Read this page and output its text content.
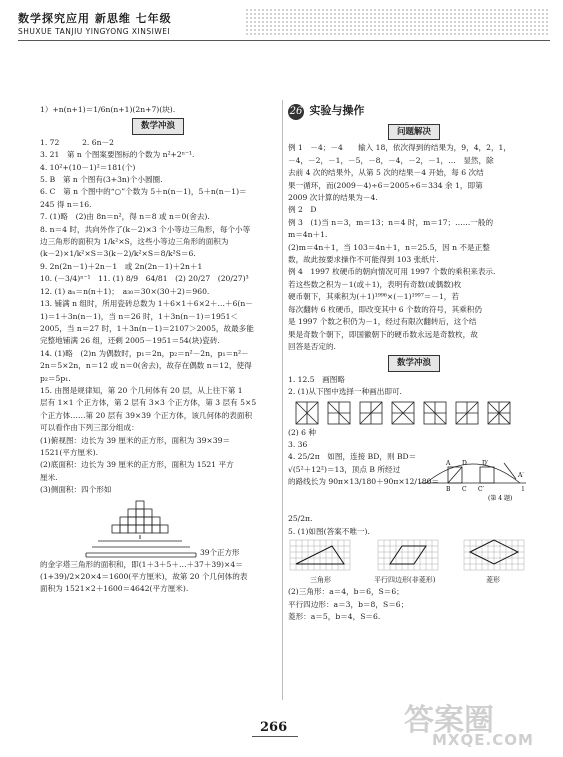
数学探究应用 新思维 七年级
SHUXUE TANJIU YINGYONG XINSIWEI

1）+n(n+1)＝1/6n(n+1)(2n+7)(块).

数学冲浪

1. 72　　　2. 6n－2

3. 21　第 n 个图案要图标的个数为 n²+2ⁿ⁻¹.

4. 10²+(10－1)²＝181(个)

5. B　第 n 个图有(3+3n)个小圆圈.

6. C　第 n 个图中的“○”个数为 5＋n(n－1)，5＋n(n－1)＝

245 得 n＝16.

7. (1)略　(2)由 8n＝n²，得 n＝8 或 n＝0(舍去).

8. n＝4 时，共向外作了(k－2)×3 个小等边三角形，每个小等

边三角形的面积为 1/k²×S，这些小等边三角形的面积为

(k－2)×1/k²×S＝3(k－2)/k²×S＝8/k²S＝6.

9. 2n(2n－1)＋2n－1　或 2n(2n－1)＋2n＋1

10. (－3/4)ⁿ⁻¹　11. (1) 8/9　64/81　(2) 20/27　(20/27)³

12. (1) aₙ＝n(n＋1)；　a₃₀＝30×(30＋2)＝960.

13. 铺满 n 组时，所用瓷砖总数为 1＋6×1＋6×2＋…＋6(n－

1)＝1＋3n(n－1)，当 n＝26 时，1＋3n(n－1)＝1951＜

2005，当 n＝27 时，1＋3n(n－1)＝2107＞2005，故最多能

完整地铺满 26 组，还剩 2005－1951＝54(块)瓷砖.

14. (1)略　(2)n 为偶数时，p₁＝2n，p₂＝n²－2n，p₁＝n²－

2n＝5×2n，n＝12 或 n＝0(舍去)，故存在偶数 n＝12，使得

p₂＝5p₁.

15. 由图是规律知，第 20 个几何体有 20 层，从上往下第 1

层有 1×1 个正方体，第 2 层有 3×3 个正方体，第 3 层有 5×5

个正方体……第 20 层有 39×39 个正方体，该几何体的表面积

可以看作由下列三部分组成：

(1)俯视图：边长为 39 厘米的正方形，面积为 39×39＝

1521(平方厘米).

(2)底面积：边长为 39 厘米的正方形，面积为 1521 平方

厘米.

(3)侧面积：四个形如

39个正方形

的金字塔三角形的面积和，即(1＋3＋5＋…＋37＋39)×4＝

(1+39)/2×20×4＝1600(平方厘米)，故第 20 个几何体的表

面积为 1521×2＋1600＝4642(平方厘米).

26 实验与操作
问题解决

例 1　－4；－4　　输入 18，依次得到的结果为，9，4，2，1，

－4，－2，－1，－5，－8，－4，－2，－1，…　显然，除

去前 4 次的结果外，从第 5 次的结果－4 开始，每 6 次结

果一循环，而(2009－4)÷6＝2005÷6＝334 余 1，即第

2009 次计算的结果为－4.

例 2　D

例 3　(1)当 n＝3，m＝13；n＝4 时，m＝17；……一般的

m＝4n＋1.

(2)m＝4n＋1，当 103＝4n＋1，n＝25.5，因 n 不是正整

数，故此按要求操作不可能得到 103 张纸片.

例 4　1997 枚硬币的朝向情况可用 1997 个数的乘积来表示.

若这些数之积为－1(或＋1)，表明有奇数(或偶数)枚

硬币朝下，其乘积为(＋1)¹⁹⁹⁶×(－1)¹⁹⁹⁷＝－1，若

每次翻转 6 枚硬币，即改变其中 6 个数的符号，其乘积仍

是 1997 个数之积仍为－1，经过有限次翻转后，这个结

果是奇数个朝下，即国徽朝下的硬币数永远是奇数枚，故

回答是否定的.

数学冲浪

1. 12.5　画图略

2. (1)从下图中选择一种画出即可.

(2) 6 种

3. 36

4. 25/2π　如图，连接 BD，则 BD＝

√(5²＋12²)＝13，顶点 B 所经过

的路线长为 90π×13/180＋90π×12/180＝

B C C′
A D	D′
A′
l
(第 4 题)

25/2π.

5. (1)如图(答案不唯一).

三角形	平行四边形(非菱形)	菱形

(2)三角形：a＝4，b＝6，S＝6；

平行四边形：a＝3，b＝8，S＝6；

菱形：a＝5，b＝4，S＝6.

266	答案圈
MXQE.COM
